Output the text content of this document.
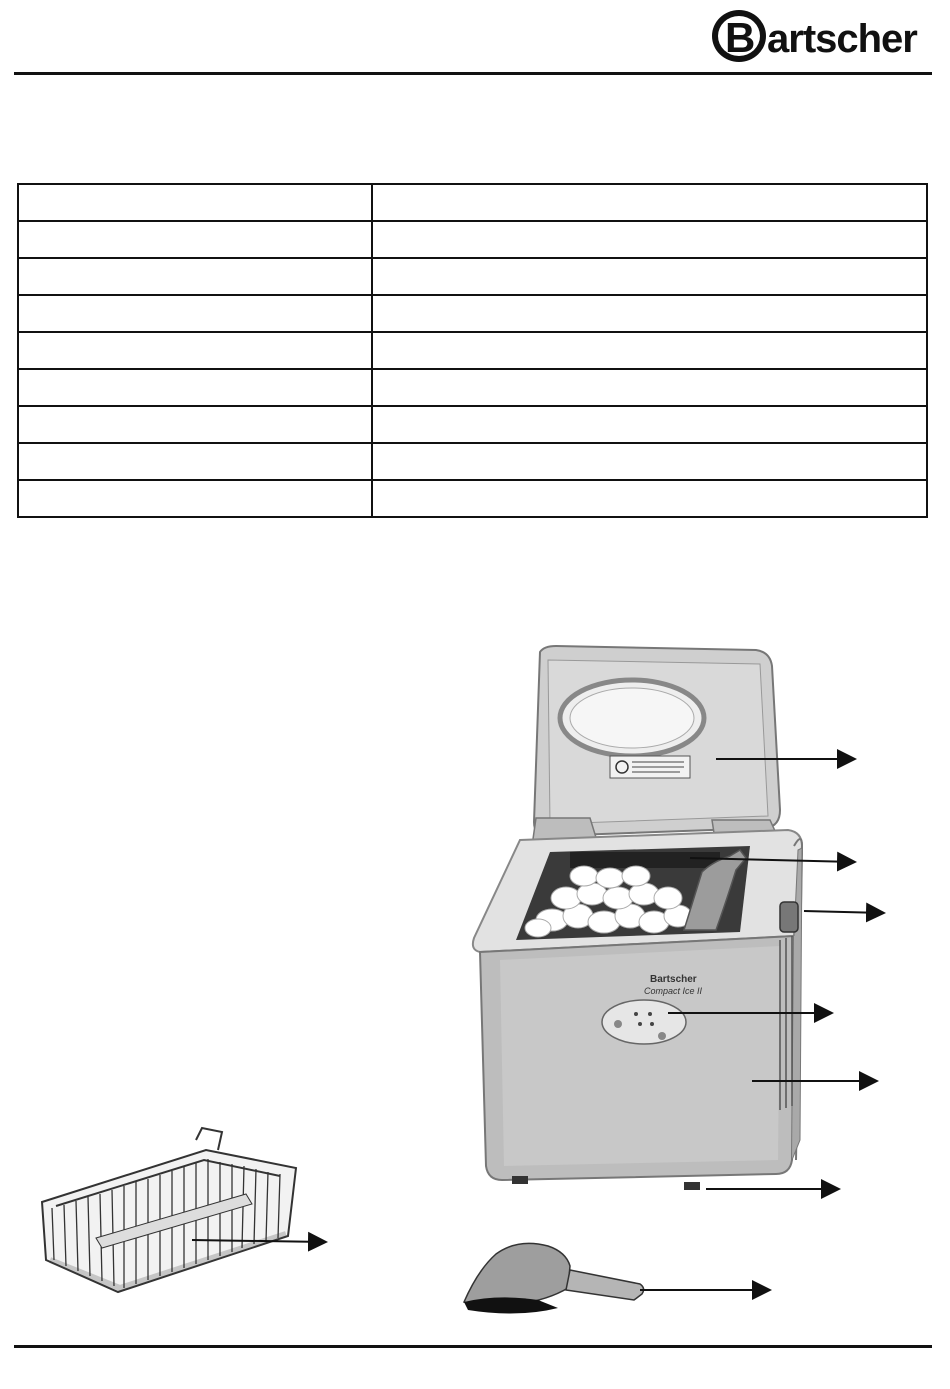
B artscher

Bartscher
Compact Ice II
